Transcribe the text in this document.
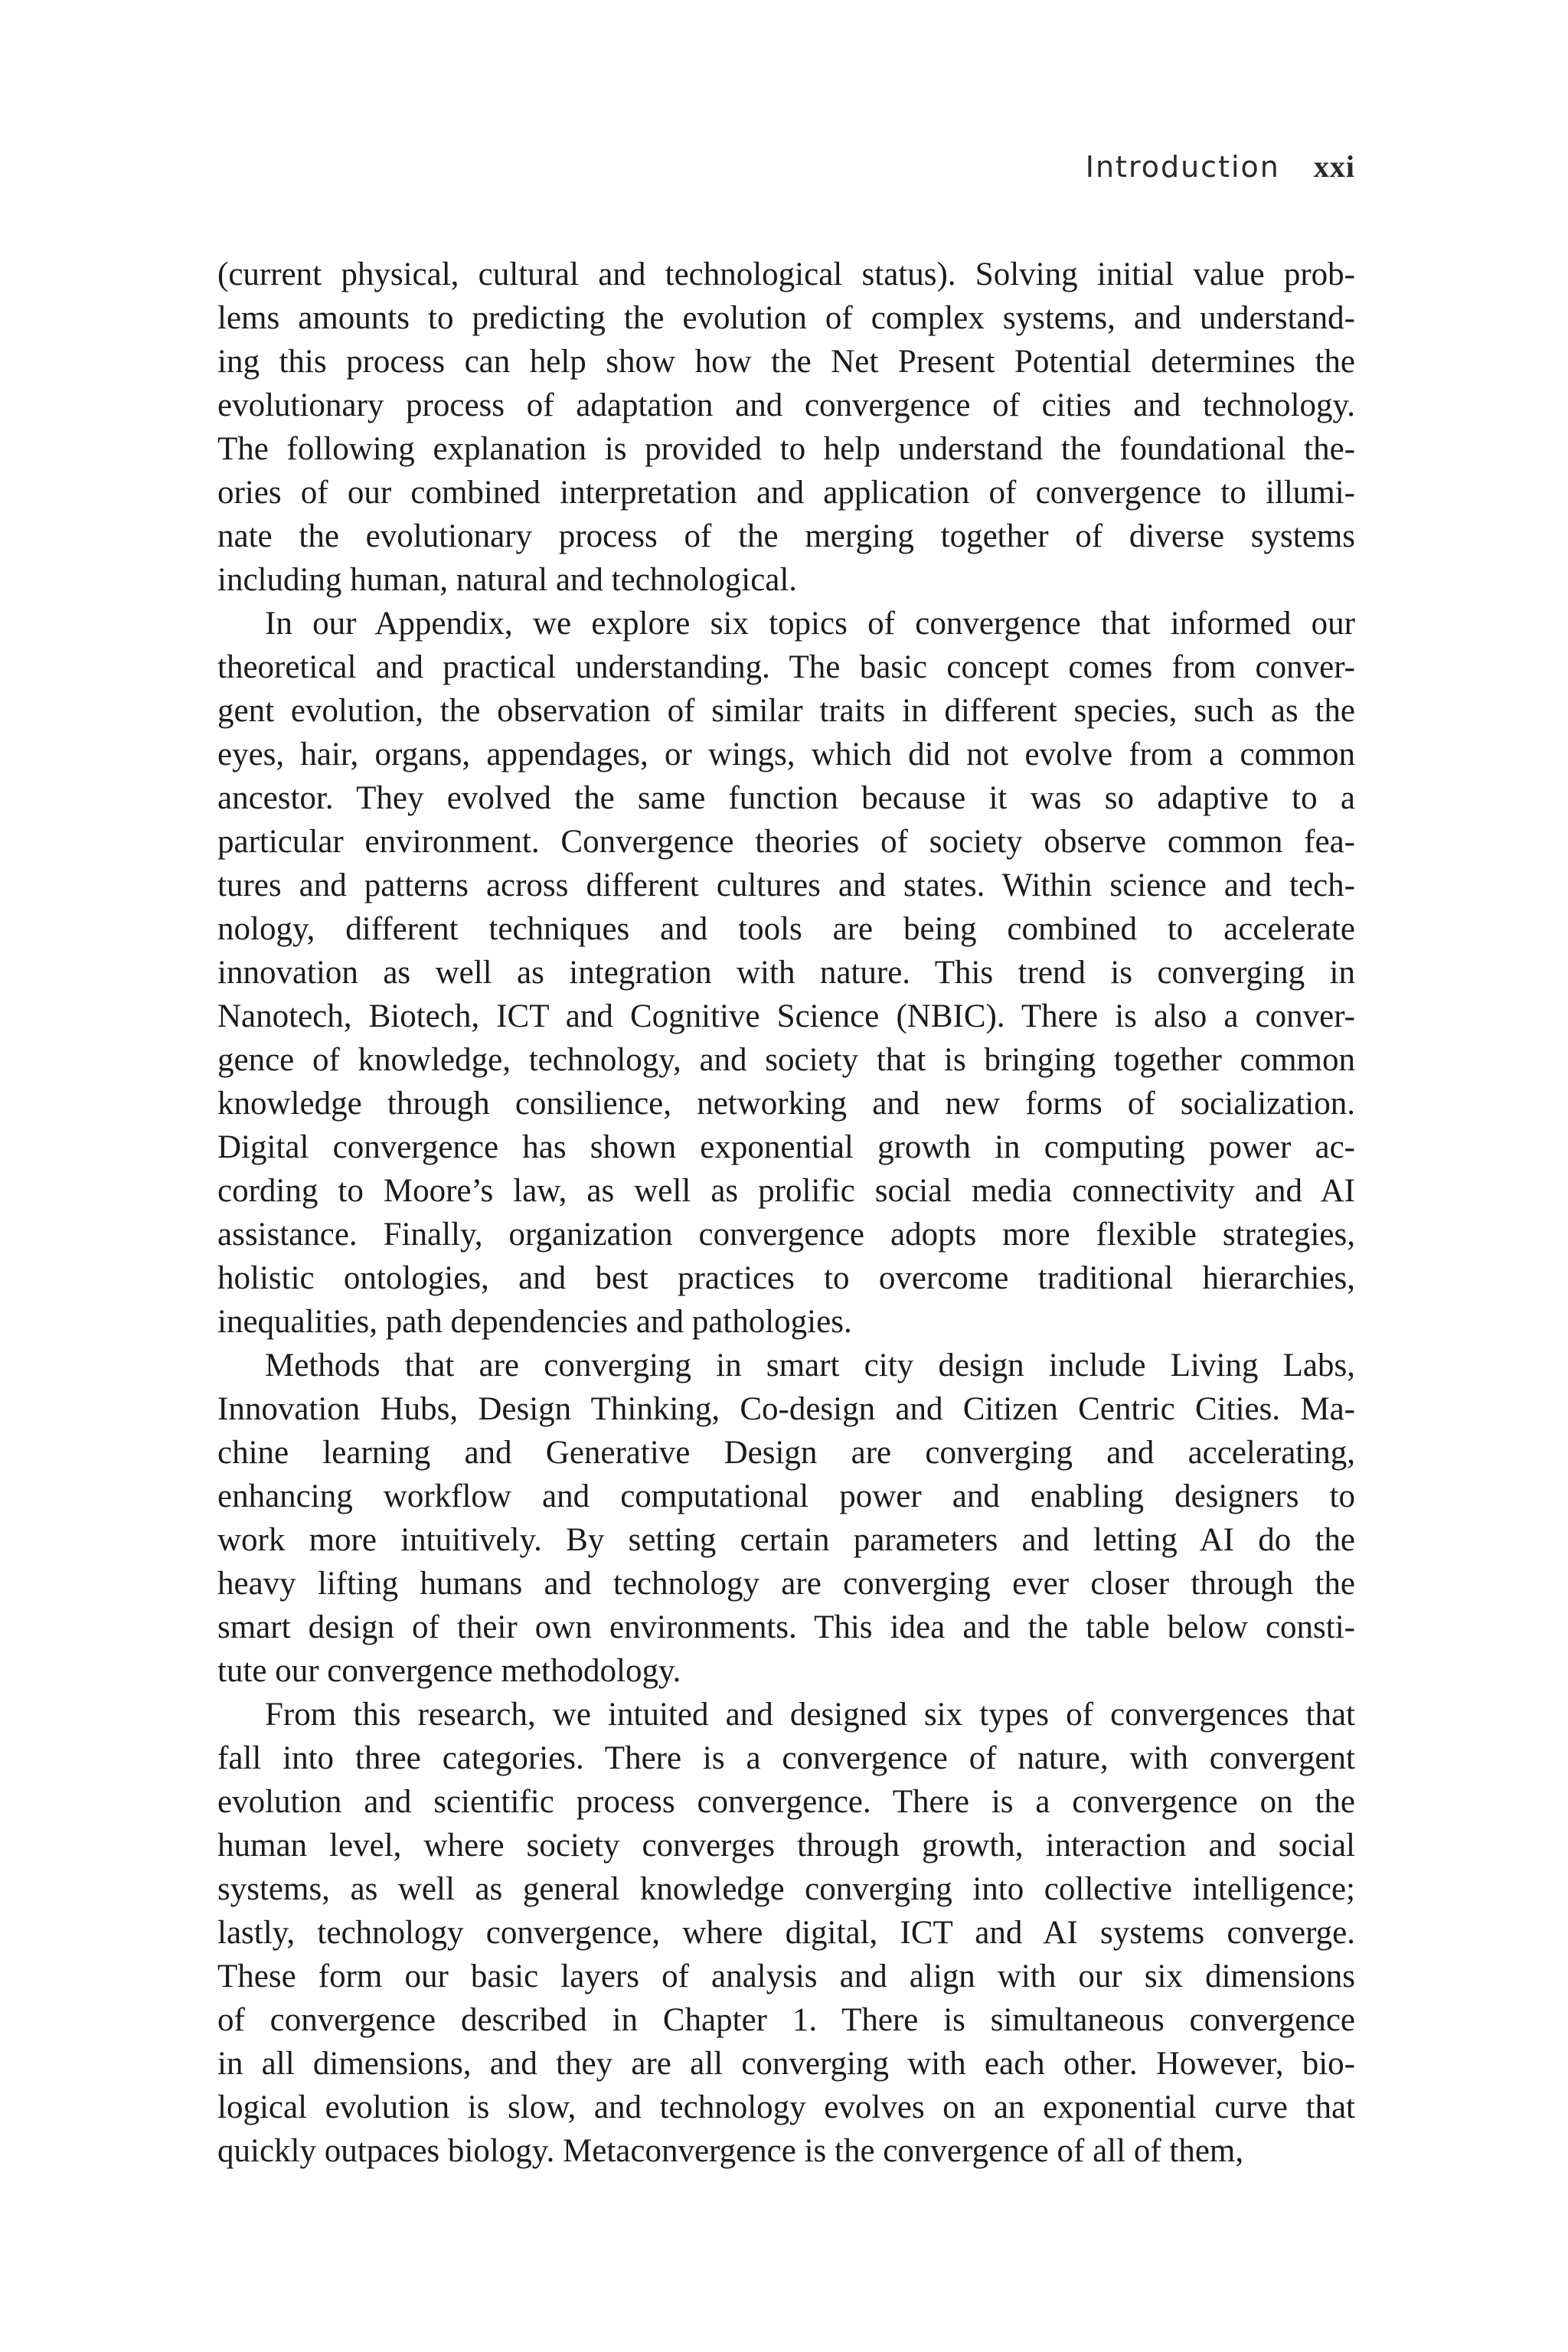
Introduction xxi
(current physical, cultural and technological status). Solving initial value prob-
lems amounts to predicting the evolution of complex systems, and understand-
ing this process can help show how the Net Present Potential determines the
evolutionary process of adaptation and convergence of cities and technology.
The following explanation is provided to help understand the foundational the-
ories of our combined interpretation and application of convergence to illumi-
nate the evolutionary process of the merging together of diverse systems
including human, natural and technological.
In our Appendix, we explore six topics of convergence that informed our
theoretical and practical understanding. The basic concept comes from conver-
gent evolution, the observation of similar traits in different species, such as the
eyes, hair, organs, appendages, or wings, which did not evolve from a common
ancestor. They evolved the same function because it was so adaptive to a
particular environment. Convergence theories of society observe common fea-
tures and patterns across different cultures and states. Within science and tech-
nology, different techniques and tools are being combined to accelerate
innovation as well as integration with nature. This trend is converging in
Nanotech, Biotech, ICT and Cognitive Science (NBIC). There is also a conver-
gence of knowledge, technology, and society that is bringing together common
knowledge through consilience, networking and new forms of socialization.
Digital convergence has shown exponential growth in computing power ac-
cording to Moore’s law, as well as prolific social media connectivity and AI
assistance. Finally, organization convergence adopts more flexible strategies,
holistic ontologies, and best practices to overcome traditional hierarchies,
inequalities, path dependencies and pathologies.
Methods that are converging in smart city design include Living Labs,
Innovation Hubs, Design Thinking, Co-design and Citizen Centric Cities. Ma-
chine learning and Generative Design are converging and accelerating,
enhancing workflow and computational power and enabling designers to
work more intuitively. By setting certain parameters and letting AI do the
heavy lifting humans and technology are converging ever closer through the
smart design of their own environments. This idea and the table below consti-
tute our convergence methodology.
From this research, we intuited and designed six types of convergences that
fall into three categories. There is a convergence of nature, with convergent
evolution and scientific process convergence. There is a convergence on the
human level, where society converges through growth, interaction and social
systems, as well as general knowledge converging into collective intelligence;
lastly, technology convergence, where digital, ICT and AI systems converge.
These form our basic layers of analysis and align with our six dimensions
of convergence described in Chapter 1. There is simultaneous convergence
in all dimensions, and they are all converging with each other. However, bio-
logical evolution is slow, and technology evolves on an exponential curve that
quickly outpaces biology. Metaconvergence is the convergence of all of them,
